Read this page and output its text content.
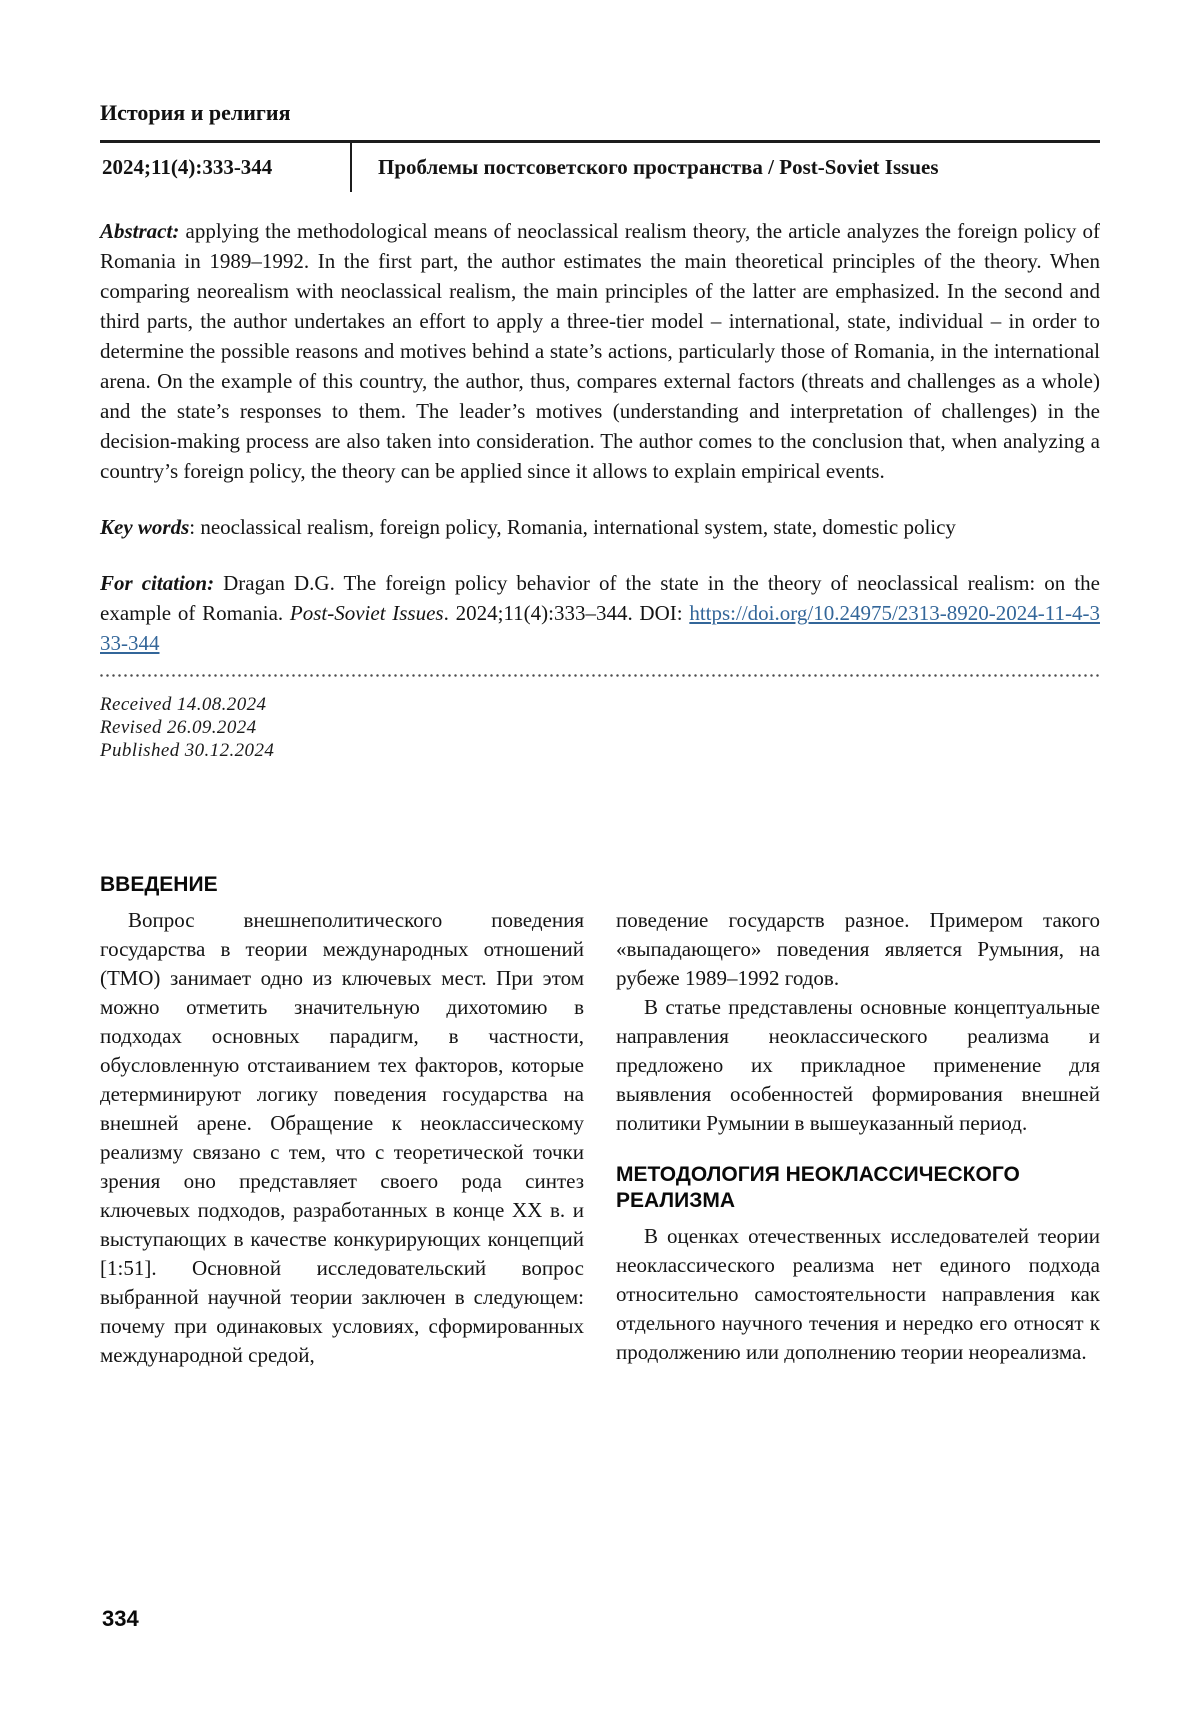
История и религия
2024;11(4):333-344	Проблемы постсоветского пространства / Post-Soviet Issues

Abstract: applying the methodological means of neoclassical realism theory, the article analyzes the foreign policy of Romania in 1989–1992. In the first part, the author estimates the main theoretical principles of the theory. When comparing neorealism with neoclassical realism, the main principles of the latter are emphasized. In the second and third parts, the author undertakes an effort to apply a three-tier model – international, state, individual – in order to determine the possible reasons and motives behind a state’s actions, particularly those of Romania, in the international arena. On the example of this country, the author, thus, compares external factors (threats and challenges as a whole) and the state’s responses to them. The leader’s motives (understanding and interpretation of challenges) in the decision-making process are also taken into consideration. The author comes to the conclusion that, when analyzing a country’s foreign policy, the theory can be applied since it allows to explain empirical events.

Key words: neoclassical realism, foreign policy, Romania, international system, state, domestic policy

For citation: Dragan D.G. The foreign policy behavior of the state in the theory of neoclassical realism: on the example of Romania. Post-Soviet Issues. 2024;11(4):333–344. DOI: https://doi.org/10.24975/2313-8920-2024-11-4-333-344

Received 14.08.2024
Revised 26.09.2024
Published 30.12.2024
ВВЕДЕНИЕ

Вопрос внешнеполитического поведения государства в теории международных отношений (ТМО) занимает одно из ключевых мест. При этом можно отметить значительную дихотомию в подходах основных парадигм, в частности, обусловленную отстаиванием тех факторов, которые детерминируют логику поведения государства на внешней арене. Обращение к неоклассическому реализму связано с тем, что с теоретической точки зрения оно представляет своего рода синтез ключевых подходов, разработанных в конце XX в. и выступающих в качестве конкурирующих концепций [1:51]. Основной исследовательский вопрос выбранной научной теории заключен в следующем: почему при одинаковых условиях, сформированных международной средой,

поведение государств разное. Примером такого «выпадающего» поведения является Румыния, на рубеже 1989–1992 годов.

В статье представлены основные концептуальные направления неоклассического реализма и предложено их прикладное применение для выявления особенностей формирования внешней политики Румынии в вышеуказанный период.

МЕТОДОЛОГИЯ НЕОКЛАССИЧЕСКОГО РЕАЛИЗМА

В оценках отечественных исследователей теории неоклассического реализма нет единого подхода относительно самостоятельности направления как отдельного научного течения и нередко его относят к продолжению или дополнению теории неореализма.

334
